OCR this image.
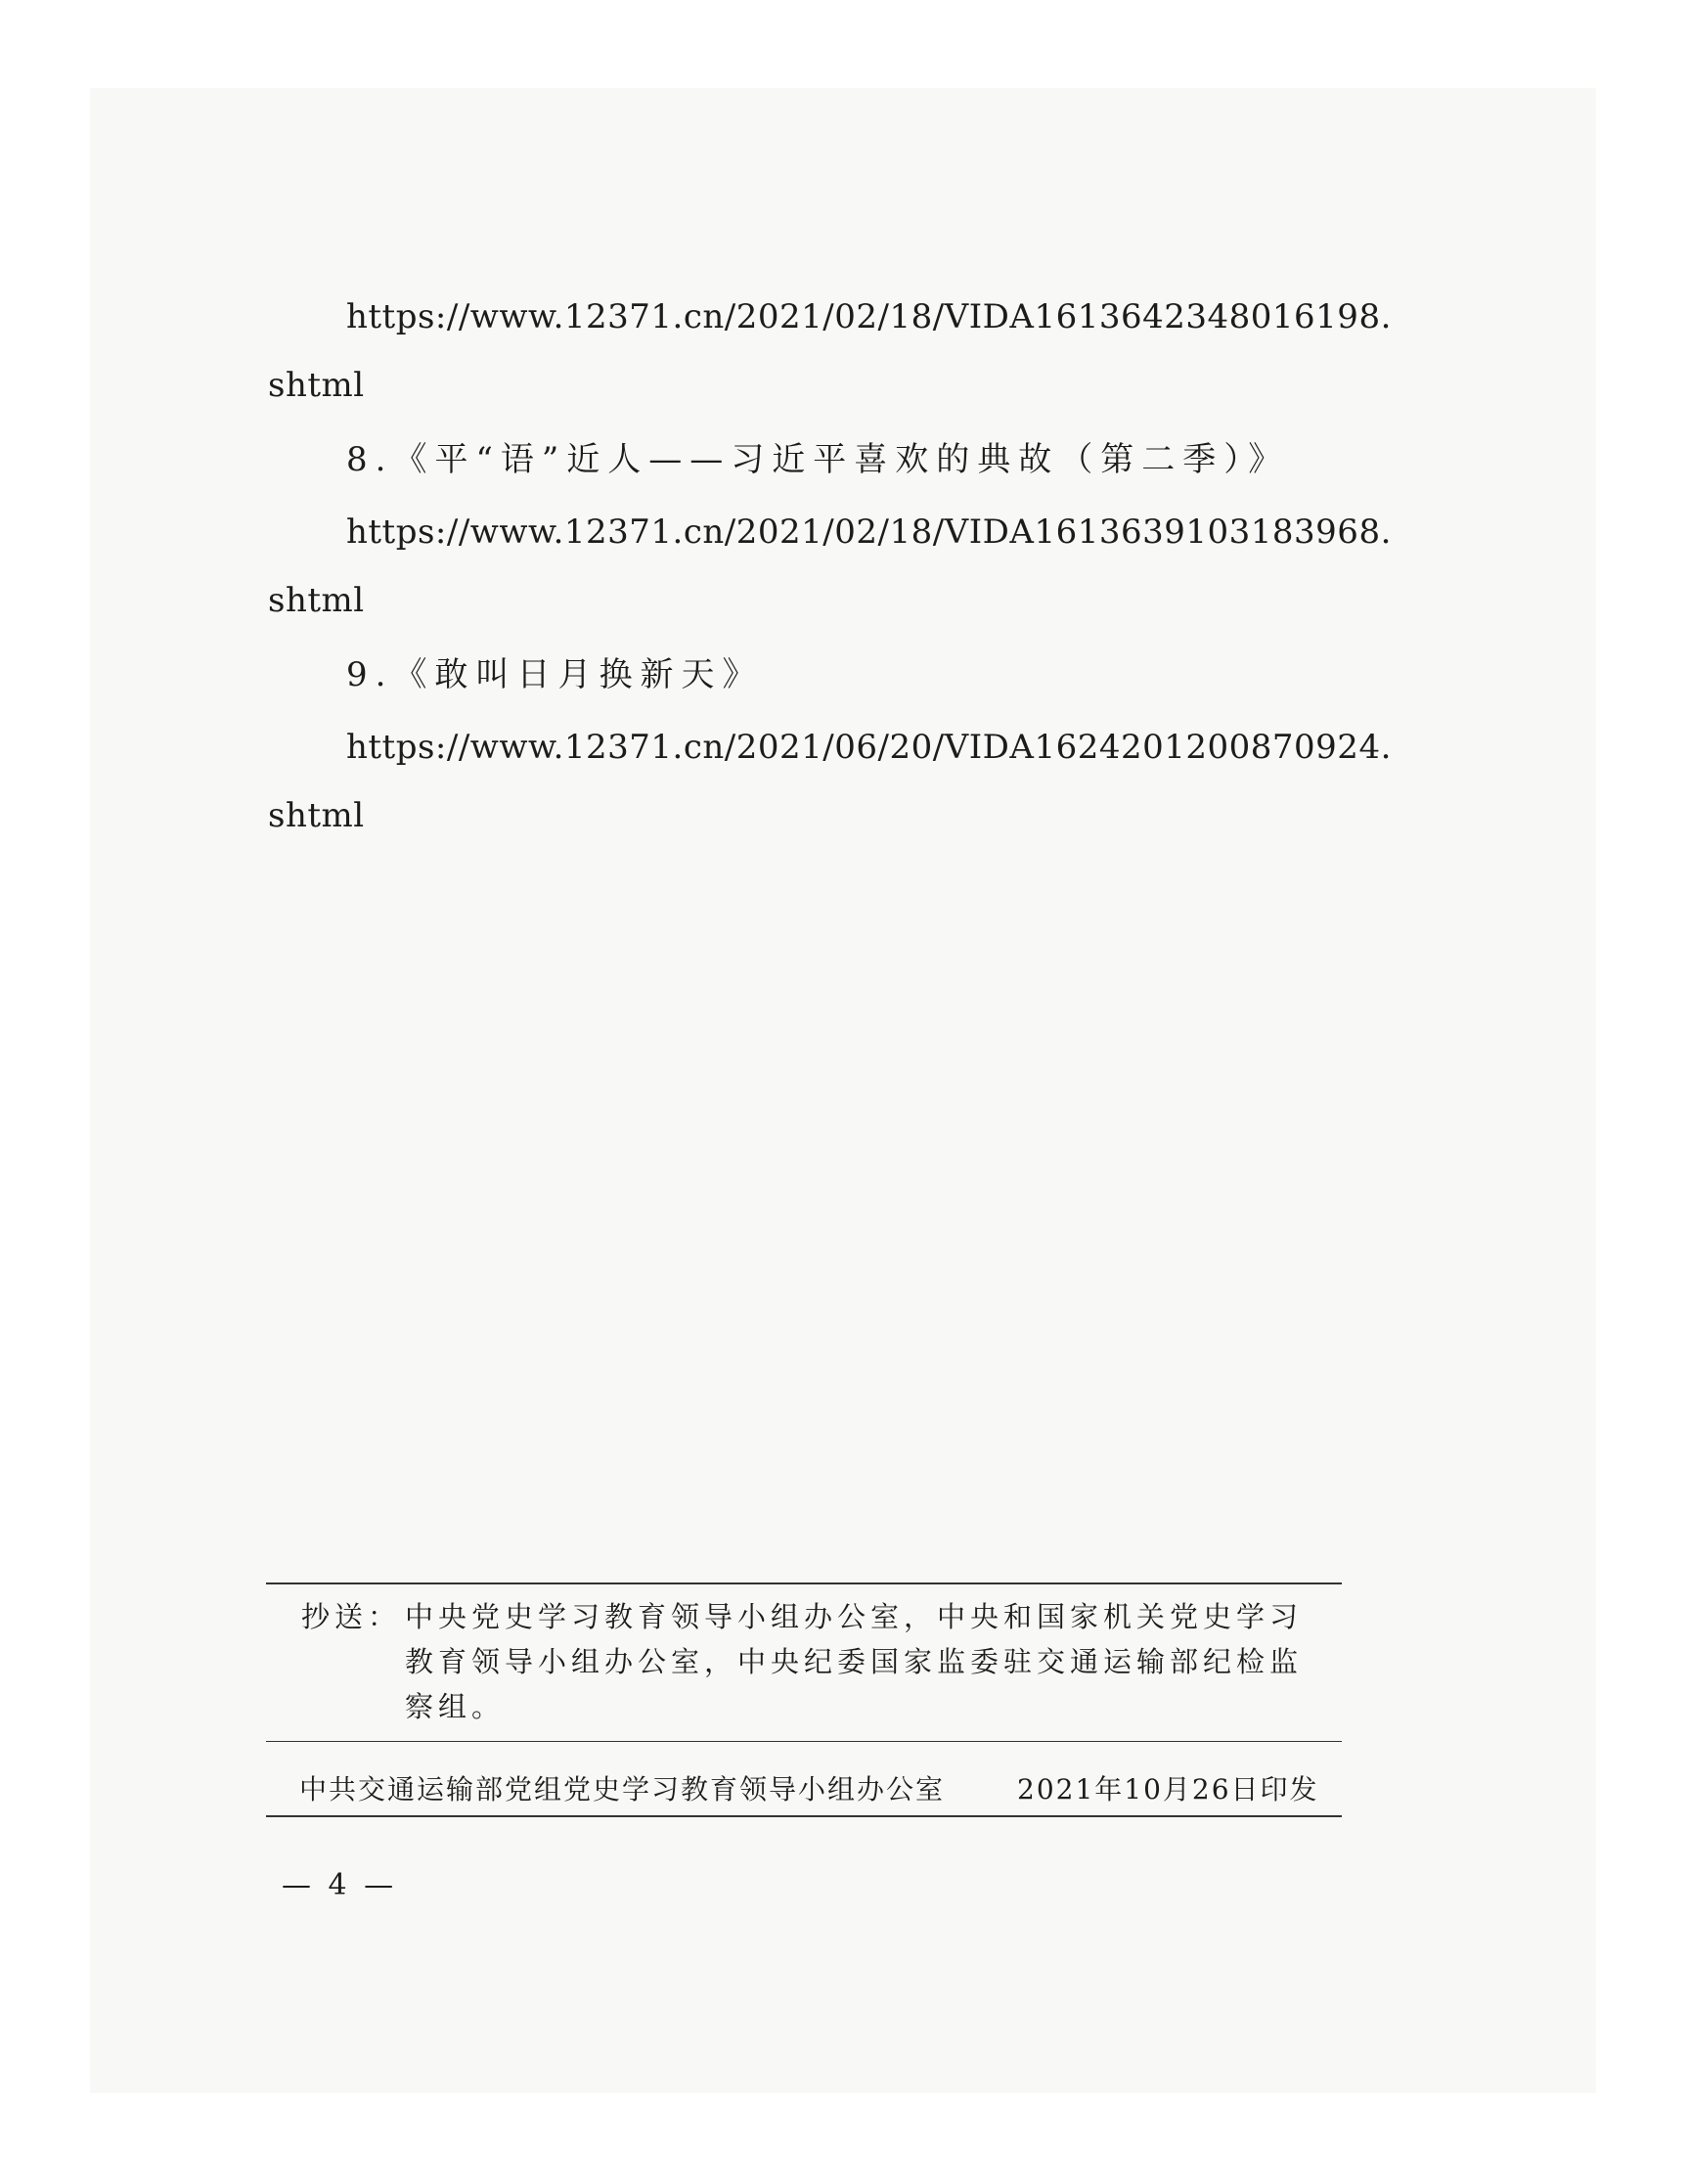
https://www.12371.cn/2021/02/18/VIDA1613642348016198.
shtml
8.《平“语”近人——习近平喜欢的典故（第二季）》
https://www.12371.cn/2021/02/18/VIDA1613639103183968.
shtml
9.《敢叫日月换新天》
https://www.12371.cn/2021/06/20/VIDA1624201200870924.
shtml
抄送： 中央党史学习教育领导小组办公室，中央和国家机关党史学习教育领导小组办公室，中央纪委国家监委驻交通运输部纪检监察组。
中共交通运输部党组党史学习教育领导小组办公室	2021年10月26日印发
— 4 —
